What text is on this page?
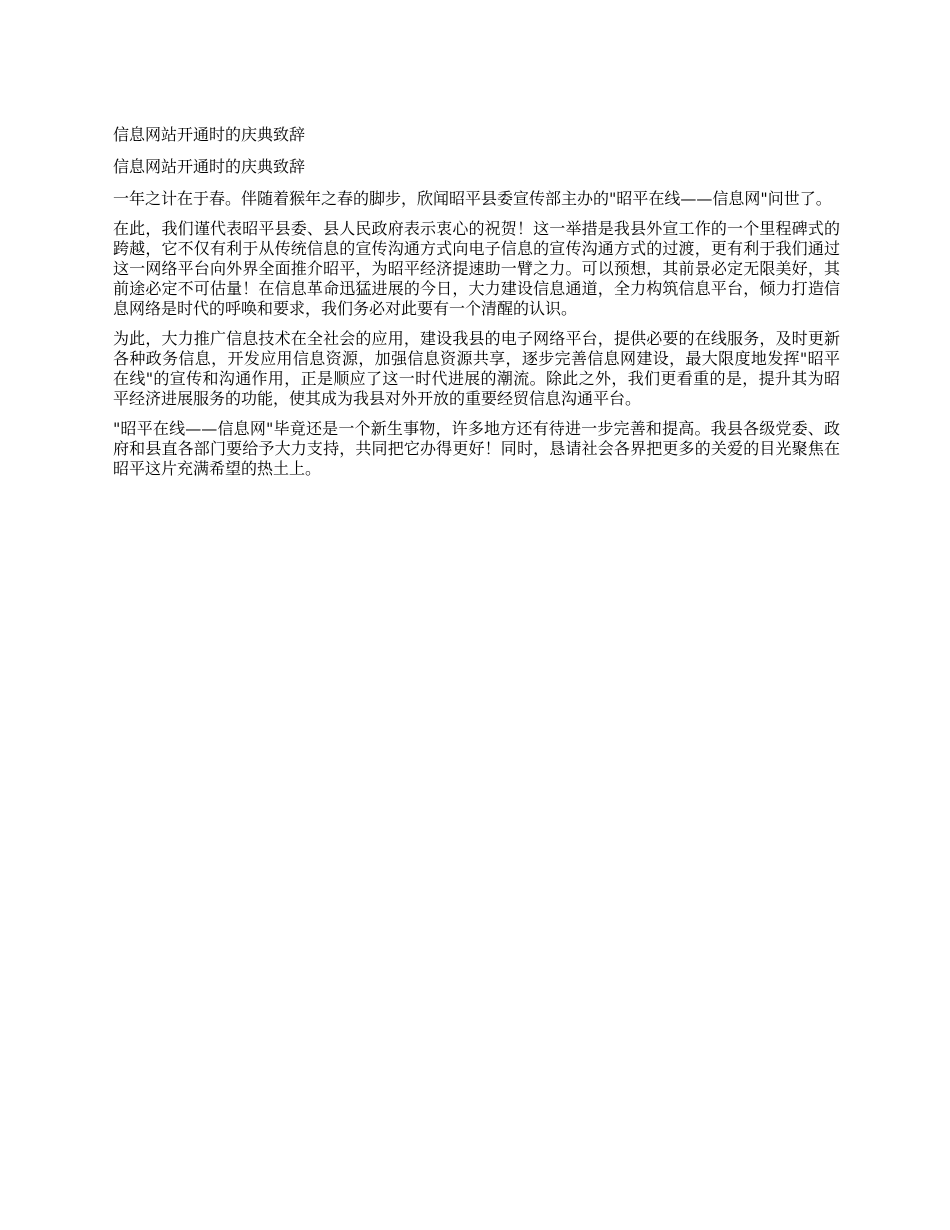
信息网站开通时的庆典致辞

信息网站开通时的庆典致辞

一年之计在于春。伴随着猴年之春的脚步，欣闻昭平县委宣传部主办的"昭平在线——信息网"问世了。

在此，我们谨代表昭平县委、县人民政府表示衷心的祝贺！这一举措是我县外宣工作的一个里程碑式的跨越，它不仅有利于从传统信息的宣传沟通方式向电子信息的宣传沟通方式的过渡，更有利于我们通过这一网络平台向外界全面推介昭平，为昭平经济提速助一臂之力。可以预想，其前景必定无限美好，其前途必定不可估量！在信息革命迅猛进展的今日，大力建设信息通道，全力构筑信息平台，倾力打造信息网络是时代的呼唤和要求，我们务必对此要有一个清醒的认识。

为此，大力推广信息技术在全社会的应用，建设我县的电子网络平台，提供必要的在线服务，及时更新各种政务信息，开发应用信息资源，加强信息资源共享，逐步完善信息网建设，最大限度地发挥"昭平在线"的宣传和沟通作用，正是顺应了这一时代进展的潮流。除此之外，我们更看重的是，提升其为昭平经济进展服务的功能，使其成为我县对外开放的重要经贸信息沟通平台。

"昭平在线——信息网"毕竟还是一个新生事物，许多地方还有待进一步完善和提高。我县各级党委、政府和县直各部门要给予大力支持，共同把它办得更好！同时，恳请社会各界把更多的关爱的目光聚焦在昭平这片充满希望的热土上。
